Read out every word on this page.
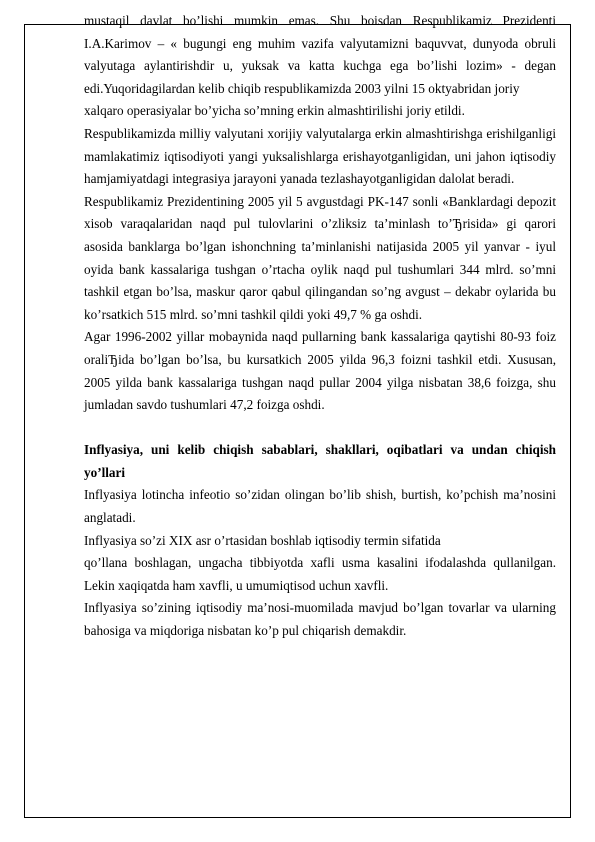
mustaqil davlat bo’lishi mumkin emas. Shu boisdan Respublikamiz Prezidenti I.A.Karimov – « bugungi eng muhim vazifa valyutamizni baquvvat, dunyoda obruli valyutaga aylantirishdir u, yuksak va katta kuchga ega bo’lishi lozim» - degan edi.Yuqoridagilardan kelib chiqib respublikamizda 2003 yilni 15 oktyabridan joriy

xalqaro operasiyalar bo’yicha so’mning erkin almashtirilishi joriy etildi.

Respublikamizda milliy valyutani xorijiy valyutalarga erkin almashtirishga erishilganligi mamlakatimiz iqtisodiyoti yangi yuksalishlarga erishayotganligidan, uni jahon iqtisodiy hamjamiyatdagi integrasiya jarayoni yanada tezlashayotganligidan dalolat beradi.

Respublikamiz Prezidentining 2005 yil 5 avgustdagi PK-147 sonli «Banklardagi depozit xisob varaqalaridan naqd pul tulovlarini o’zliksiz ta’minlash to’Ђrisida» gi qarori asosida banklarga bo’lgan ishonchning ta’minlanishi natijasida 2005 yil yanvar - iyul oyida bank kassalariga tushgan o’rtacha oylik naqd pul tushumlari 344 mlrd. so’mni tashkil etgan bo’lsa, maskur qaror qabul qilingandan so’ng avgust – dekabr oylarida bu ko’rsatkich 515 mlrd. so’mni tashkil qildi yoki 49,7 % ga oshdi.

Agar 1996-2002 yillar mobaynida naqd pullarning bank kassalariga qaytishi 80-93 foiz oraliЂida bo’lgan bo’lsa, bu kursatkich 2005 yilda 96,3 foizni tashkil etdi. Xususan, 2005 yilda bank kassalariga tushgan naqd pullar 2004 yilga nisbatan 38,6 foizga, shu jumladan savdo tushumlari 47,2 foizga oshdi.

Inflyasiya, uni kelib chiqish sabablari, shakllari, oqibatlari va undan chiqish yo’llari

Inflyasiya lotincha infeotio so’zidan olingan bo’lib shish, burtish, ko’pchish ma’nosini anglatadi.

Inflyasiya so’zi XIX asr o’rtasidan boshlab iqtisodiy termin sifatida

qo’llana boshlagan, ungacha tibbiyotda xafli usma kasalini ifodalashda qullanilgan. Lekin xaqiqatda ham xavfli, u umumiqtisod uchun xavfli.

Inflyasiya so’zining iqtisodiy ma’nosi-muomilada mavjud bo’lgan tovarlar va ularning bahosiga va miqdoriga nisbatan ko’p pul chiqarish demakdir.
